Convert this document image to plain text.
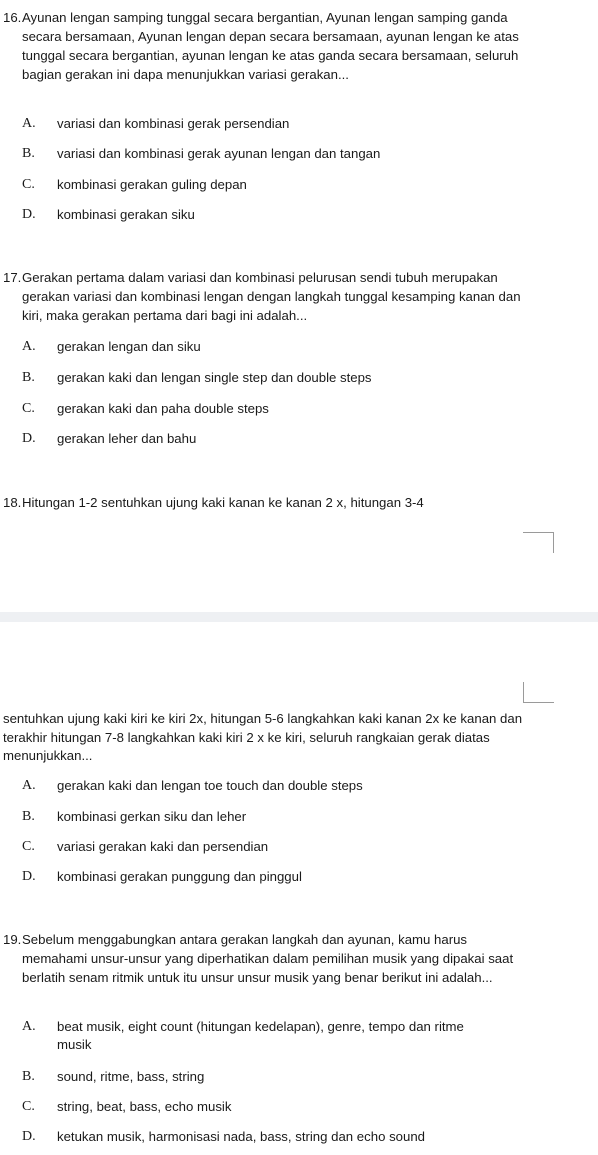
16. Ayunan lengan samping tunggal secara bergantian, Ayunan lengan samping ganda secara bersamaan, Ayunan lengan depan secara bersamaan, ayunan lengan ke atas tunggal secara bergantian, ayunan lengan ke atas ganda secara bersamaan, seluruh bagian gerakan ini dapa menunjukkan variasi gerakan...
A. variasi dan kombinasi gerak persendian
B. variasi dan kombinasi gerak ayunan lengan dan tangan
C. kombinasi gerakan guling depan
D. kombinasi gerakan siku
17. Gerakan pertama dalam variasi dan kombinasi pelurusan sendi tubuh merupakan gerakan variasi dan kombinasi lengan dengan langkah tunggal kesamping kanan dan kiri, maka gerakan pertama dari bagi ini adalah...
A. gerakan lengan dan siku
B. gerakan kaki dan lengan single step dan double steps
C. gerakan kaki dan paha double steps
D. gerakan leher dan bahu
18. Hitungan 1-2 sentuhkan ujung kaki kanan ke kanan 2 x, hitungan 3-4
sentuhkan ujung kaki kiri ke kiri 2x, hitungan 5-6 langkahkan kaki kanan 2x ke kanan dan terakhir hitungan 7-8 langkahkan kaki kiri 2 x ke kiri, seluruh rangkaian gerak diatas menunjukkan...
A. gerakan kaki dan lengan toe touch dan double steps
B. kombinasi gerkan siku dan leher
C. variasi gerakan kaki dan persendian
D. kombinasi gerakan punggung dan pinggul
19. Sebelum menggabungkan antara gerakan langkah dan ayunan, kamu harus memahami unsur-unsur yang diperhatikan dalam pemilihan musik yang dipakai saat berlatih senam ritmik untuk itu unsur unsur musik yang benar berikut ini adalah...
A. beat musik, eight count (hitungan kedelapan), genre, tempo dan ritme musik
B. sound, ritme, bass, string
C. string, beat, bass, echo musik
D. ketukan musik, harmonisasi nada, bass, string dan echo sound
